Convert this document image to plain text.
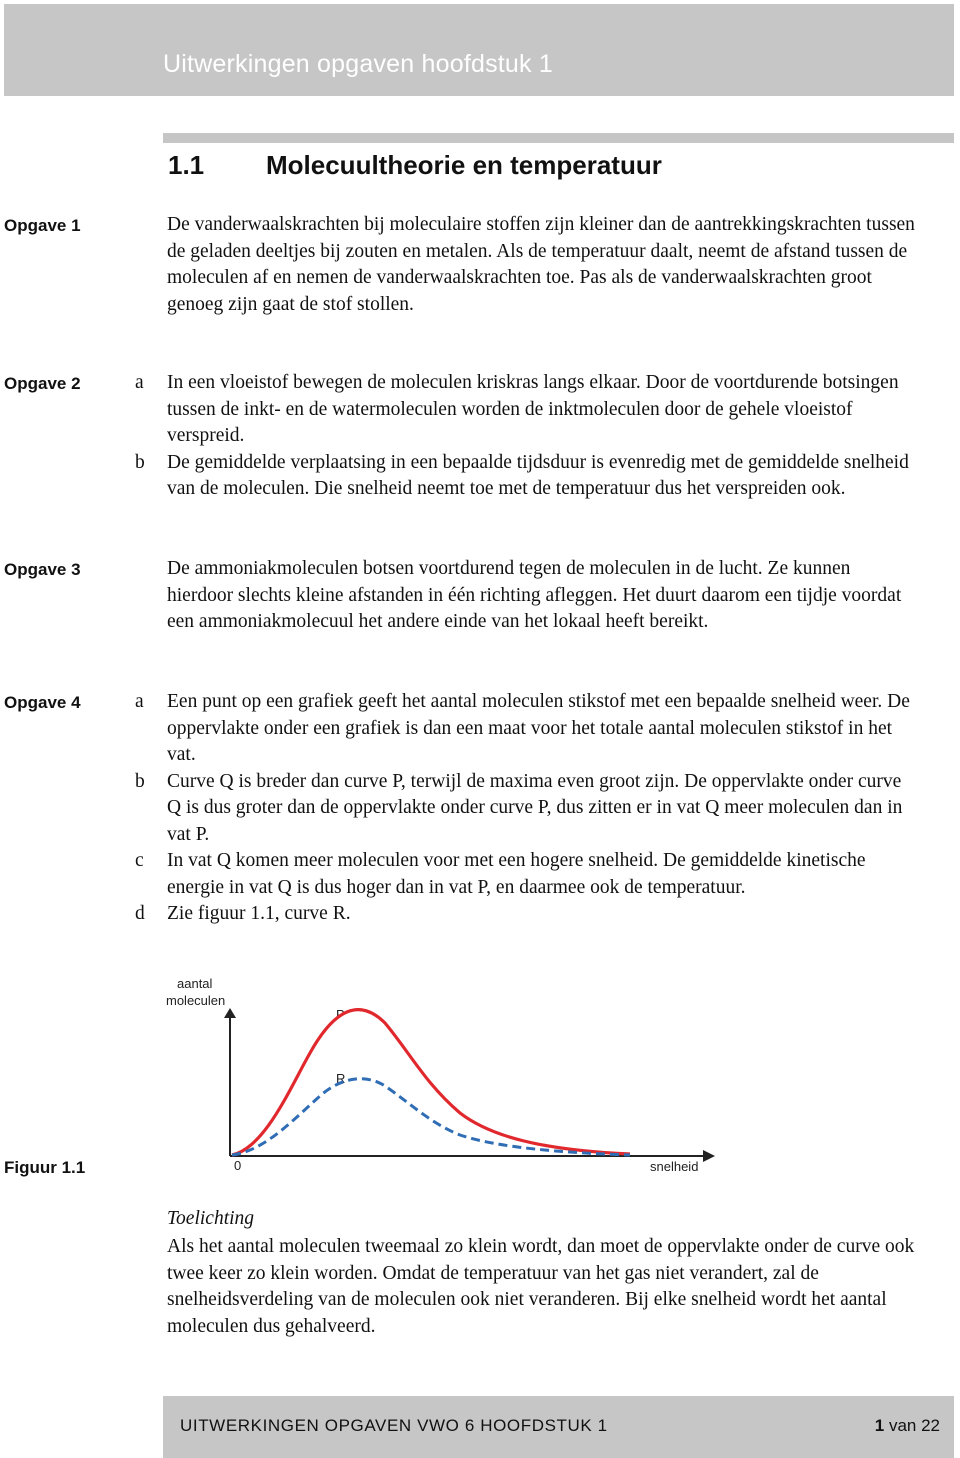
Uitwerkingen opgaven hoofdstuk 1
1.1 Molecuultheorie en temperatuur
Opgave 1	De vanderwaalskrachten bij moleculaire stoffen zijn kleiner dan de aantrekkingskrachten tussen de geladen deeltjes bij zouten en metalen. Als de temperatuur daalt, neemt de afstand tussen de moleculen af en nemen de vanderwaalskrachten toe. Pas als de vanderwaalskrachten groot genoeg zijn gaat de stof stollen.
Opgave 2	a	In een vloeistof bewegen de moleculen kriskras langs elkaar. Door de voortdurende botsingen tussen de inkt- en de watermoleculen worden de inktmoleculen door de gehele vloeistof verspreid.
b	De gemiddelde verplaatsing in een bepaalde tijdsduur is evenredig met de gemiddelde snelheid van de moleculen. Die snelheid neemt toe met de temperatuur dus het verspreiden ook.
Opgave 3	De ammoniakmoleculen botsen voortdurend tegen de moleculen in de lucht. Ze kunnen hierdoor slechts kleine afstanden in één richting afleggen. Het duurt daarom een tijdje voordat een ammoniakmolecuul het andere einde van het lokaal heeft bereikt.
Opgave 4	a	Een punt op een grafiek geeft het aantal moleculen stikstof met een bepaalde snelheid weer. De oppervlakte onder een grafiek is dan een maat voor het totale aantal moleculen stikstof in het vat.
b	Curve Q is breder dan curve P, terwijl de maxima even groot zijn. De oppervlakte onder curve Q is dus groter dan de oppervlakte onder curve P, dus zitten er in vat Q meer moleculen dan in vat P.
c	In vat Q komen meer moleculen voor met een hogere snelheid. De gemiddelde kinetische energie in vat Q is dus hoger dan in vat P, en daarmee ook de temperatuur.
d	Zie figuur 1.1, curve R.
Figuur 1.1
aantal
moleculen
P
R
0	snelheid
Toelichting
Als het aantal moleculen tweemaal zo klein wordt, dan moet de oppervlakte onder de curve ook twee keer zo klein worden. Omdat de temperatuur van het gas niet verandert, zal de snelheidsverdeling van de moleculen ook niet veranderen. Bij elke snelheid wordt het aantal moleculen dus gehalveerd.
UITWERKINGEN OPGAVEN VWO 6 HOOFDSTUK 1	1 van 22
